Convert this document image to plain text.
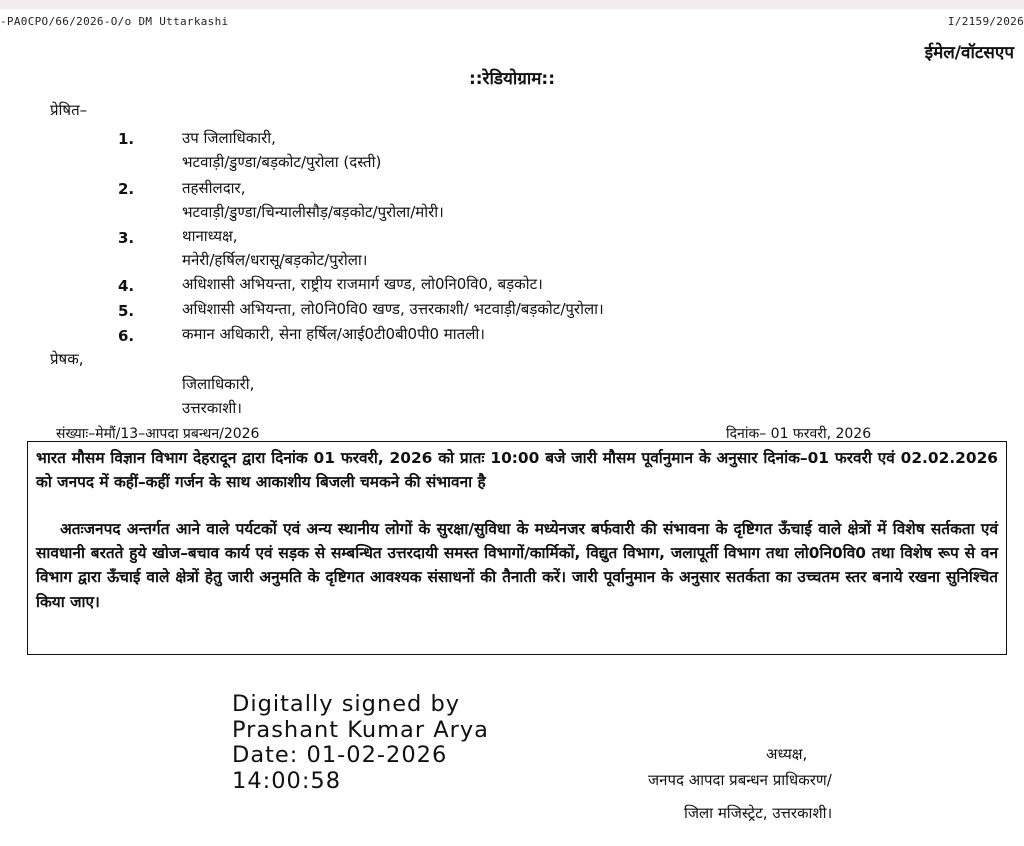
-PA0CPO/66/2026-O/o DM Uttarkashi	I/2159/2026
ईमेल/वॉटसएप
::रेडियोग्राम::
प्रेषित–
1.	उप जिलाधिकारी,
भटवाड़ी/डुण्डा/बड़कोट/पुरोला (दस्ती)
2.	तहसीलदार,
भटवाड़ी/डुण्डा/चिन्यालीसौड़/बड़कोट/पुरोला/मोरी।
3.	थानाध्यक्ष,
मनेरी/हर्षिल/धरासू/बड़कोट/पुरोला।
4.	अधिशासी अभियन्ता, राष्ट्रीय राजमार्ग खण्ड, लो0नि0वि0, बड़कोट।
5.	अधिशासी अभियन्ता, लो0नि0वि0 खण्ड, उत्तरकाशी/ भटवाड़ी/बड़कोट/पुरोला।
6.	कमान अधिकारी, सेना हर्षिल/आई0टी0बी0पी0 मातली।
प्रेषक,
जिलाधिकारी,
उत्तरकाशी।
संख्याः–मेमौं/13–आपदा प्रबन्धन/2026	दिनांक– 01 फरवरी, 2026
भारत मौसम विज्ञान विभाग देहरादून द्वारा दिनांक 01 फरवरी, 2026 को प्रातः 10:00 बजे जारी मौसम पूर्वानुमान के अनुसार दिनांक–01 फरवरी एवं 02.02.2026 को जनपद में कहीं–कहीं गर्जन के साथ आकाशीय बिजली चमकने की संभावना है
अतःजनपद अन्तर्गत आने वाले पर्यटकों एवं अन्य स्थानीय लोगों के सुरक्षा/सुविधा के मध्येनजर बर्फवारी की संभावना के दृष्टिगत ऊँचाई वाले क्षेत्रों में विशेष सर्तकता एवं सावधानी बरतते हुये खोज–बचाव कार्य एवं सड़क से सम्बन्धित उत्तरदायी समस्त विभागों/कार्मिकों, विद्युत विभाग, जलापूर्ती विभाग तथा लो0नि0वि0 तथा विशेष रूप से वन विभाग द्वारा ऊँचाई वाले क्षेत्रों हेतु जारी अनुमति के दृष्टिगत आवश्यक संसाधनों की तैनाती करें। जारी पूर्वानुमान के अनुसार सतर्कता का उच्चतम स्तर बनाये रखना सुनिश्चित किया जाए।
Digitally signed by
Prashant Kumar Arya
Date: 01-02-2026
14:00:58
अध्यक्ष,
जनपद आपदा प्रबन्धन प्राधिकरण/
जिला मजिस्ट्रेट, उत्तरकाशी।
